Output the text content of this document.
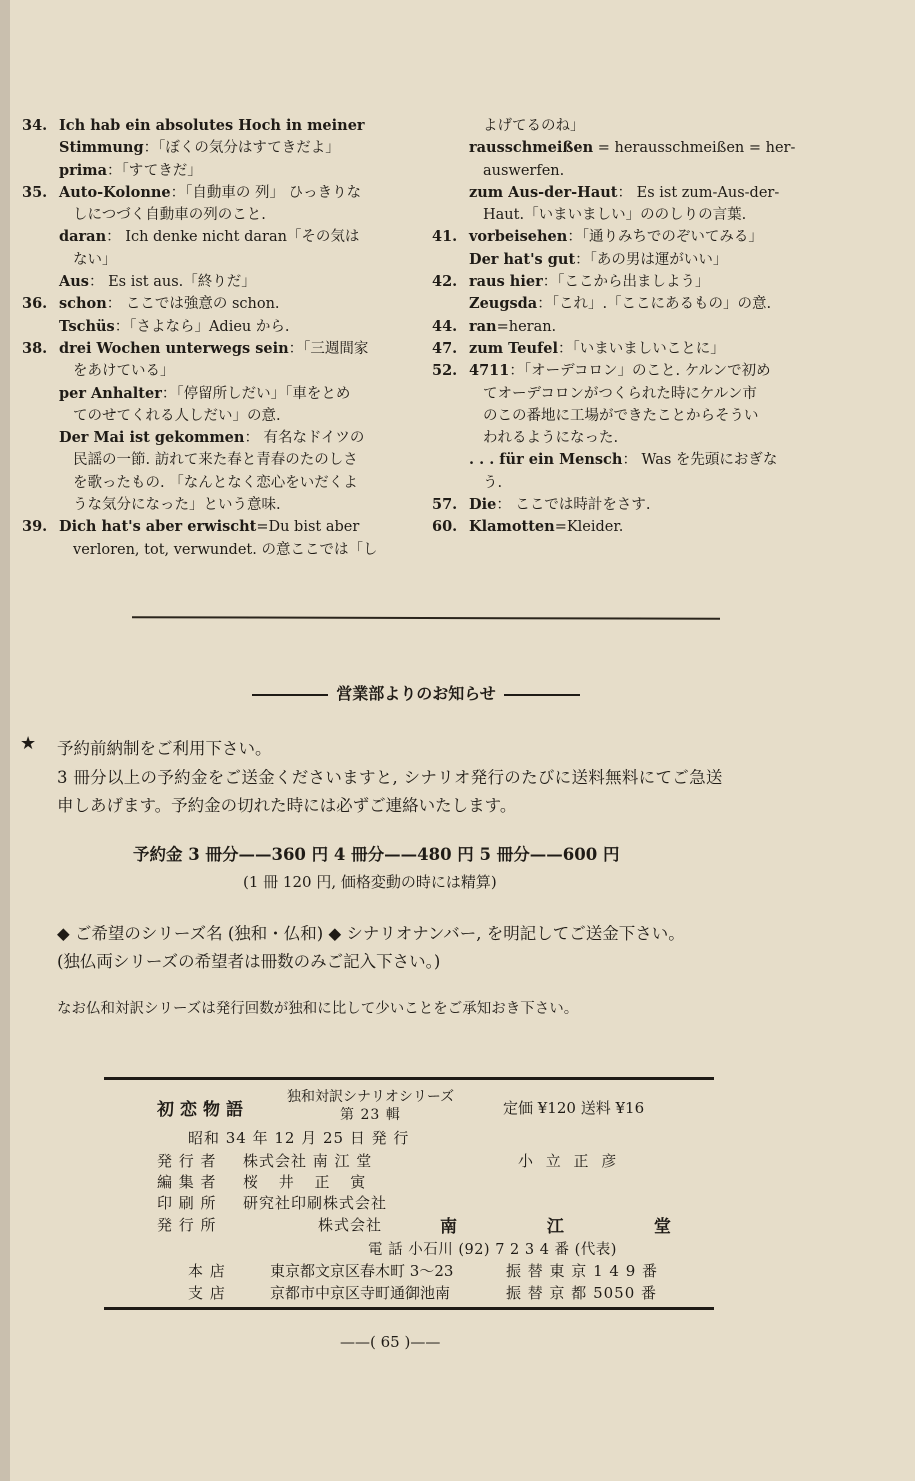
34. Ich hab ein absolutes Hoch in meiner
Stimmung：「ぼくの気分はすてきだよ」
prima：「すてきだ」
35. Auto-Kolonne：「自動車の 列」 ひっきりな
しにつづく自動車の列のこと.
daran： Ich denke nicht daran「その気は
ない」
Aus： Es ist aus.「終りだ」
36. schon： ここでは強意の schon.
Tschüs：「さよなら」Adieu から.
38. drei Wochen unterwegs sein：「三週間家
をあけている」
per Anhalter：「停留所しだい」「車をとめ
てのせてくれる人しだい」の意.
Der Mai ist gekommen： 有名なドイツの
民謡の一節. 訪れて来た春と青春のたのしさ
を歌ったもの. 「なんとなく恋心をいだくよ
うな気分になった」という意味.
39. Dich hat's aber erwischt=Du bist aber
verloren, tot, verwundet. の意ここでは「し
よげてるのね」
rausschmeißen = herausschmeißen = her-
auswerfen.
zum Aus-der-Haut： Es ist zum-Aus-der-
Haut.「いまいましい」ののしりの言葉.
41. vorbeisehen：「通りみちでのぞいてみる」
Der hat's gut：「あの男は運がいい」
42. raus hier：「ここから出ましよう」
Zeugsda：「これ」.「ここにあるもの」の意.
44. ran=heran.
47. zum Teufel：「いまいましいことに」
52. 4711：「オーデコロン」のこと. ケルンで初め
てオーデコロンがつくられた時にケルン市
のこの番地に工場ができたことからそうい
われるようになった.
. . . für ein Mensch： Was を先頭におぎな
う.
57. Die： ここでは時計をさす.
60. Klamotten=Kleider.
営業部よりのお知らせ
★ 予約前納制をご利用下さい。
3 冊分以上の予約金をご送金くださいますと, シナリオ発行のたびに送料無料にてご急送
申しあげます。予約金の切れた時には必ずご連絡いたします。
予約金 3 冊分——360 円 4 冊分——480 円 5 冊分——600 円
(1 冊 120 円, 価格変動の時には精算)
◆ ご希望のシリーズ名 (独和・仏和) ◆ シナリオナンバー, を明記してご送金下さい。
(独仏両シリーズの希望者は冊数のみご記入下さい。)
なお仏和対訳シリーズは発行回数が独和に比して少いことをご承知おき下さい。
初恋物語
独和対訳シナリオシリーズ
第 23 輯	定価 ¥120 送料 ¥16
昭和 34 年 12 月 25 日 発 行
発 行 者 株式会社 南 江 堂	小 立 正 彦
編 集 者 桜 井 正 寅
印 刷 所 研究社印刷株式会社
発 行 所	株式会社	南 江 堂
電 話 小石川 (92) 7 2 3 4 番 (代表)
本 店	東京都文京区春木町 3〜23	振 替 東 京 1 4 9 番
支 店	京都市中京区寺町通御池南	振 替 京 都 5050 番
——( 65 )——
